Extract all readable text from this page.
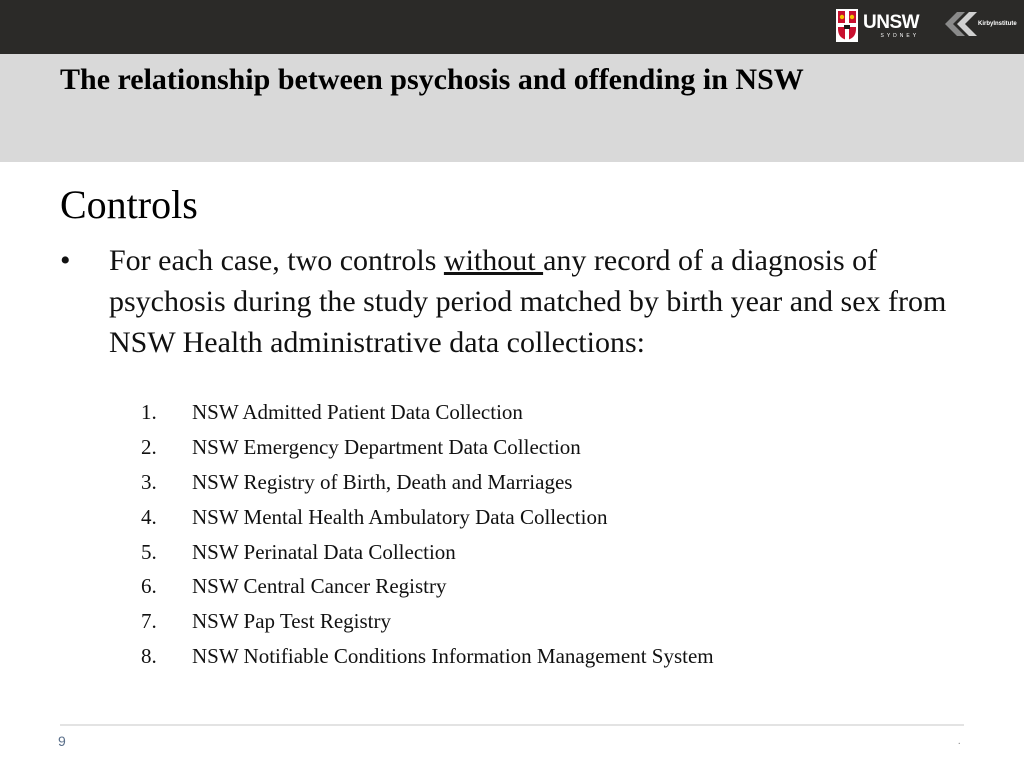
UNSW
SYDNEY
KirbyInstitute
The relationship between psychosis and offending in NSW
Controls
• For each case, two controls without any record of a diagnosis of psychosis during the study period matched by birth year and sex from NSW Health administrative data collections:
1.	NSW Admitted Patient Data Collection
2.	NSW Emergency Department Data Collection
3.	NSW Registry of Birth, Death and Marriages
4.	NSW Mental Health Ambulatory Data Collection
5.	NSW Perinatal Data Collection
6.	NSW Central Cancer Registry
7.	NSW Pap Test Registry
8.	NSW Notifiable Conditions Information Management System
9	.
